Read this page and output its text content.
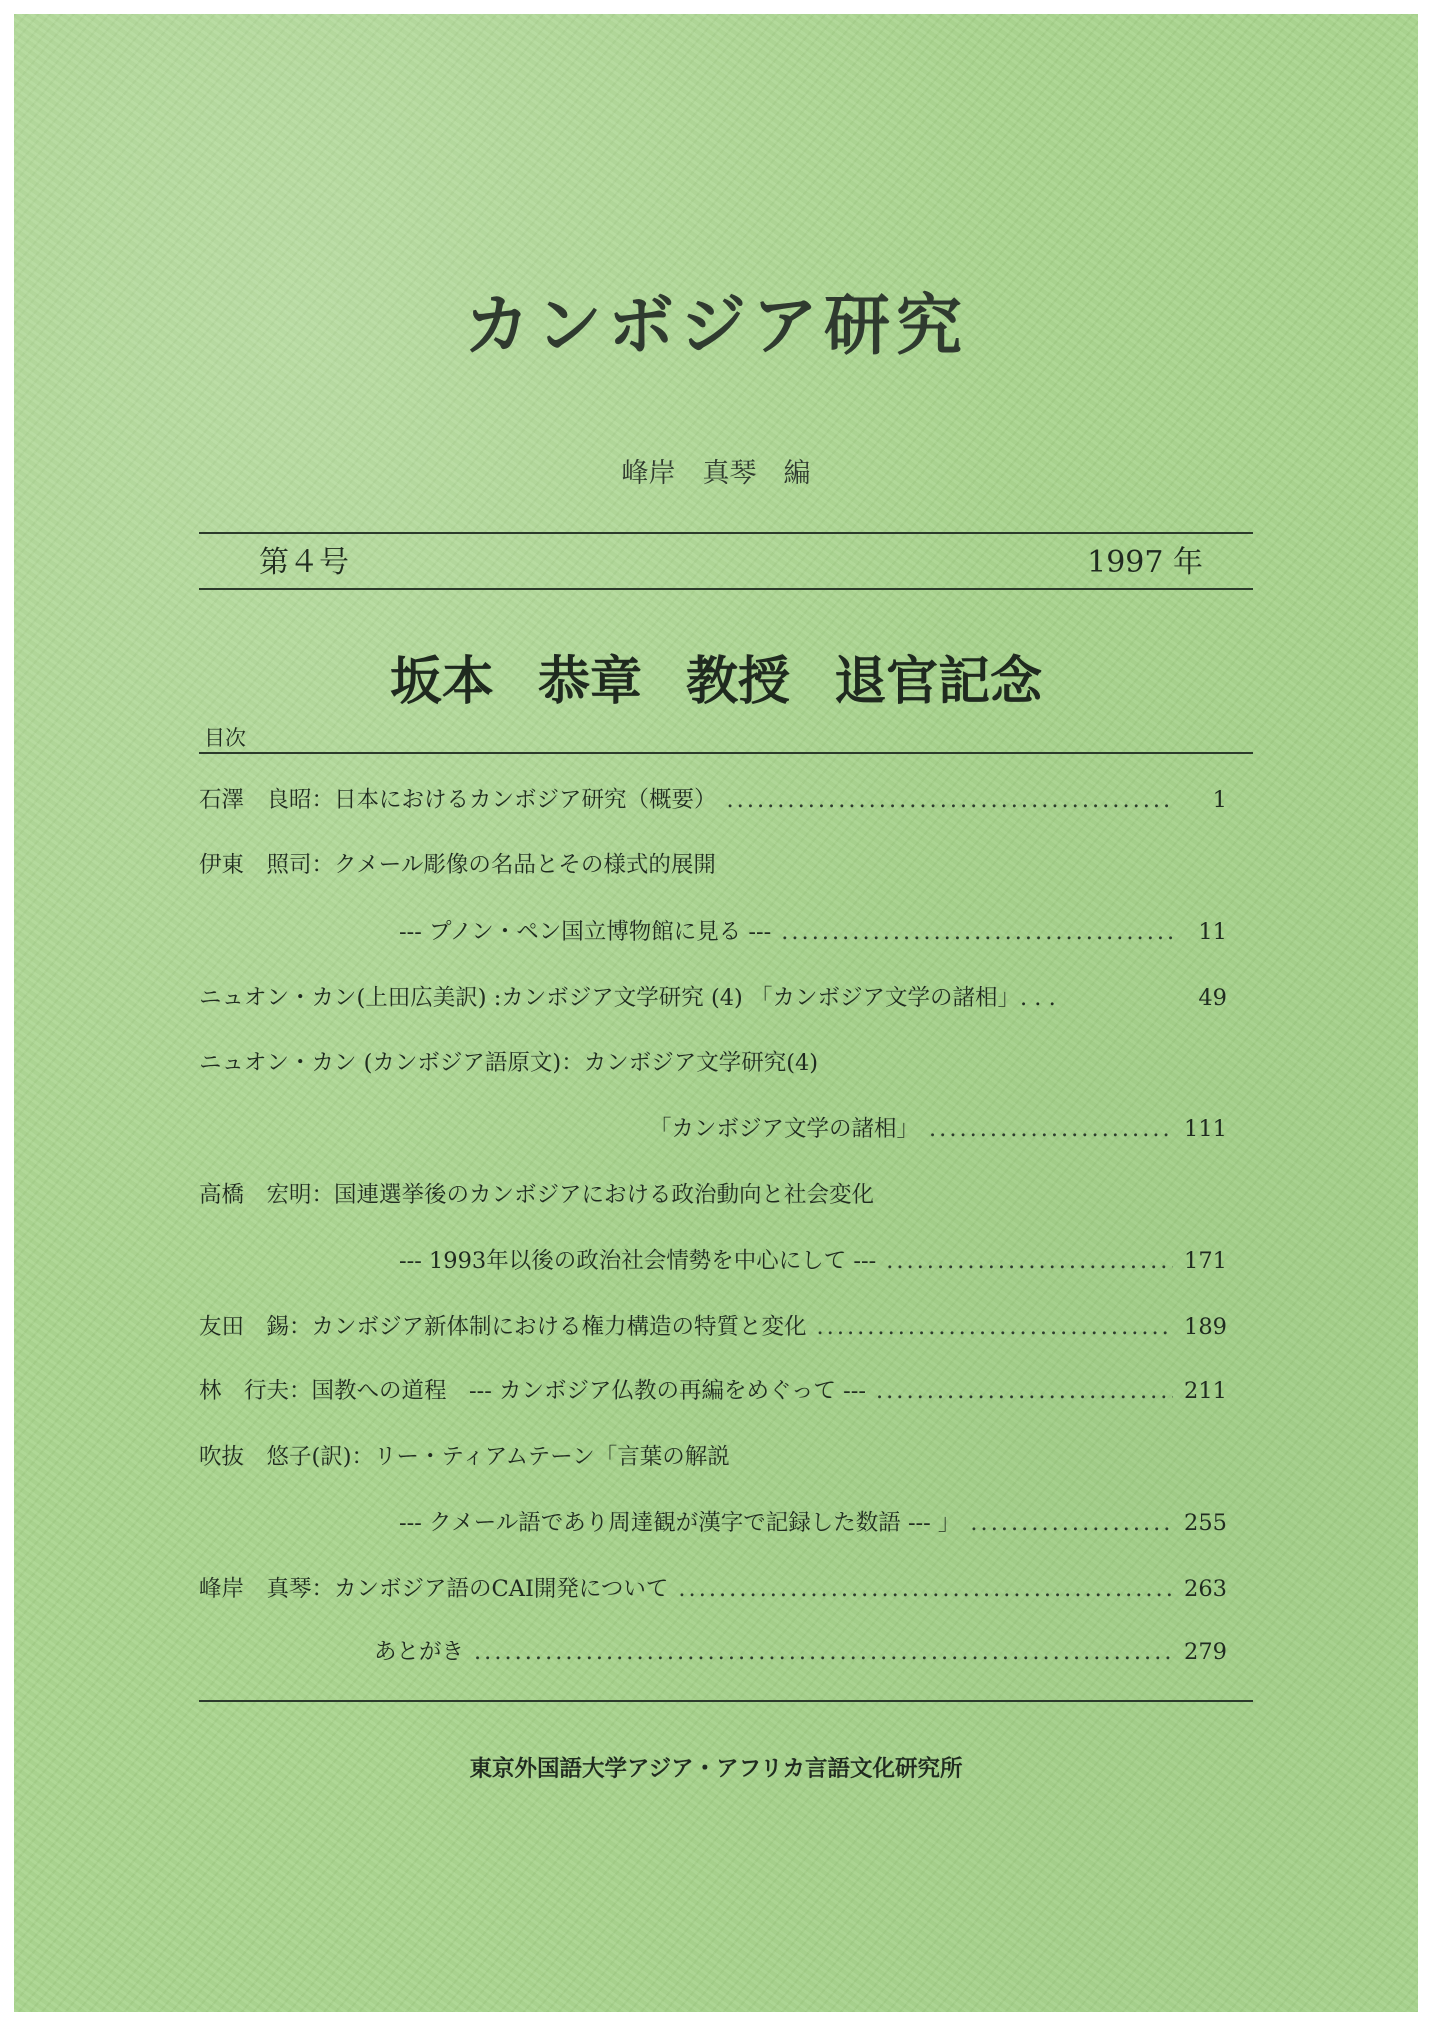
カンボジア研究
峰岸　真琴　編
第４号	1997 年
坂本 恭章 教授 退官記念
目次
石澤　良昭：日本におけるカンボジア研究（概要） .....	1
伊東　照司：クメール彫像の名品とその様式的展開
--- プノン・ペン国立博物館に見る --- .....	11
ニュオン・カン(上田広美訳) :カンボジア文学研究 (4) 「カンボジア文学の諸相」. . .	49
ニュオン・カン (カンボジア語原文)：カンボジア文学研究(4)
「カンボジア文学の諸相」 .....	111
高橋　宏明：国連選挙後のカンボジアにおける政治動向と社会変化
--- 1993年以後の政治社会情勢を中心にして --- .....	171
友田　錫：カンボジア新体制における権力構造の特質と変化 .....	189
林　行夫：国教への道程　--- カンボジア仏教の再編をめぐって --- .....	211
吹抜　悠子(訳)：リー・ティアムテーン「言葉の解説
--- クメール語であり周達観が漢字で記録した数語 --- 」 .....	255
峰岸　真琴：カンボジア語のCAI開発について .....	263
あとがき .....	279
東京外国語大学アジア・アフリカ言語文化研究所
